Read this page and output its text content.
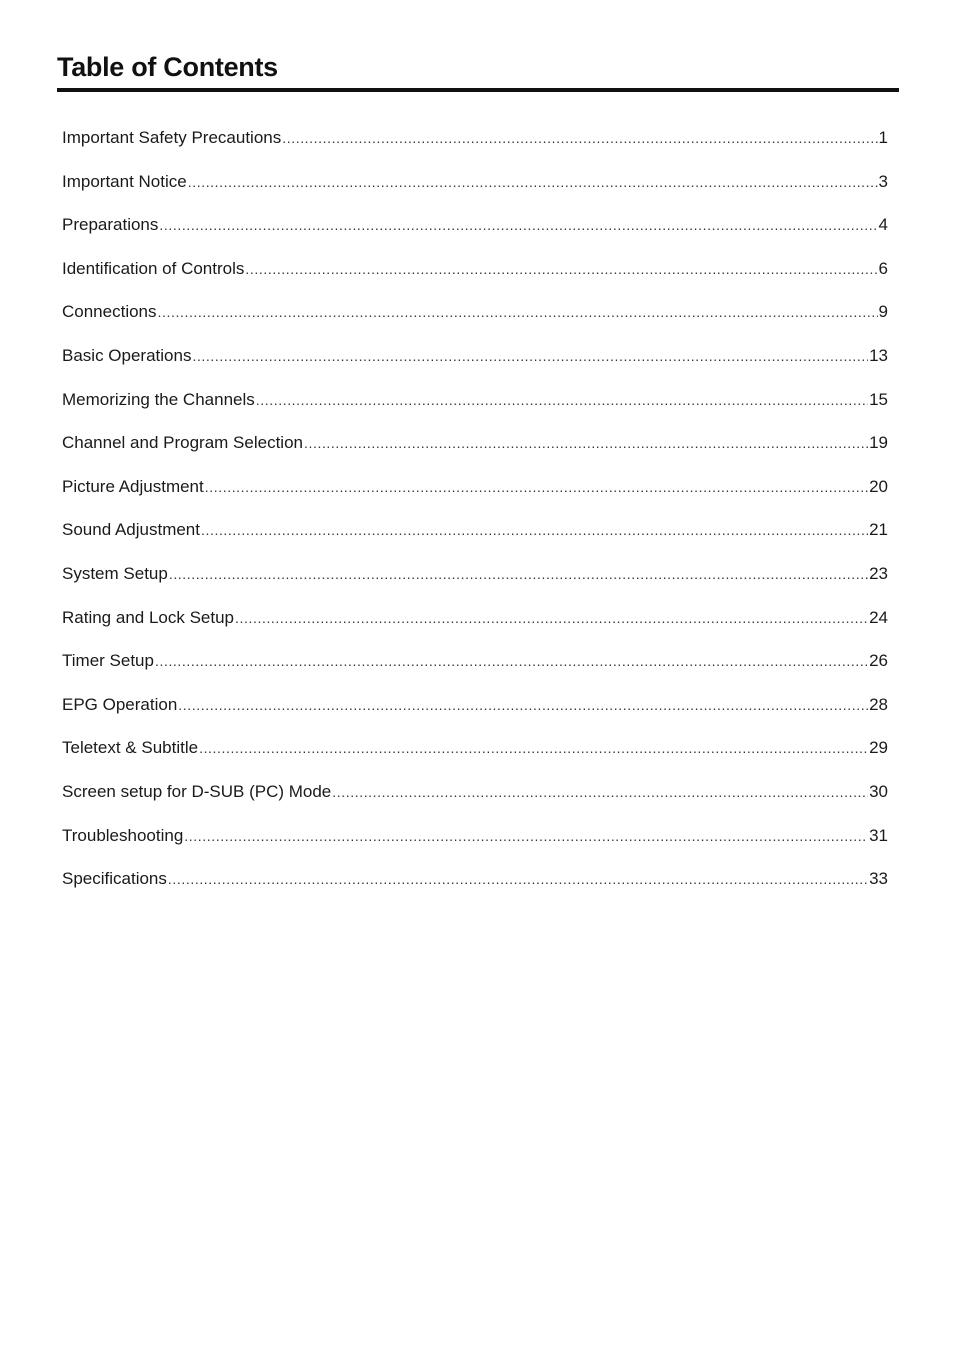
Table of Contents
Important Safety Precautions .....	1
Important Notice .....	3
Preparations .....	4
Identification of Controls .....	6
Connections .....	9
Basic Operations .....	13
Memorizing the Channels .....	15
Channel and Program Selection .....	19
Picture Adjustment .....	20
Sound Adjustment .....	21
System Setup .....	23
Rating and Lock Setup .....	24
Timer Setup .....	26
EPG Operation .....	28
Teletext & Subtitle .....	29
Screen setup for D-SUB (PC) Mode .....	30
Troubleshooting .....	31
Specifications .....	33
